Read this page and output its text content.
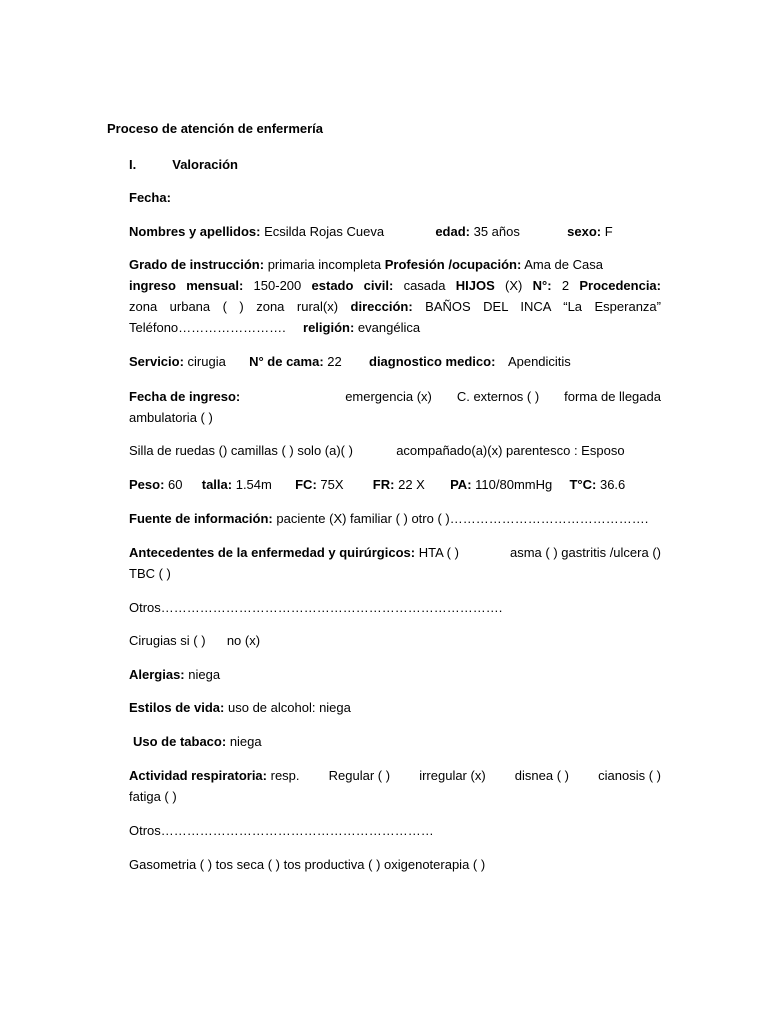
Proceso de atención de enfermería
I.	Valoración
Fecha:
Nombres y apellidos: Ecsilda Rojas Cueva	edad: 35 años	sexo: F
Grado de instrucción: primaria incompleta Profesión /ocupación: Ama de Casa
ingreso mensual: 150-200 estado civil: casada HIJOS (X) N°: 2 Procedencia:
zona urbana ( ) zona rural(x) dirección: BAÑOS DEL INCA “La Esperanza”
Teléfono……………………. religión: evangélica
Servicio: cirugia N° de cama: 22 diagnostico medico: Apendicitis
Fecha de ingreso:	emergencia (x) C. externos ( ) forma de llegada
ambulatoria ( )
Silla de ruedas () camillas ( ) solo (a)( )	acompañado(a)(x) parentesco : Esposo
Peso: 60 talla: 1.54m FC: 75X FR: 22 X PA: 110/80mmHg T°C: 36.6
Fuente de información: paciente (X) familiar ( ) otro ( )……………………………………….
Antecedentes de la enfermedad y quirúrgicos: HTA ( )	asma ( ) gastritis /ulcera ()
TBC ( )
Otros…………………………………………………………………….
Cirugias si ( ) no (x)
Alergias: niega
Estilos de vida: uso de alcohol: niega
Uso de tabaco: niega
Actividad respiratoria: resp. Regular ( ) irregular (x) disnea ( ) cianosis ( )
fatiga ( )
Otros………………………………………………………
Gasometria ( ) tos seca ( ) tos productiva ( ) oxigenoterapia ( )
